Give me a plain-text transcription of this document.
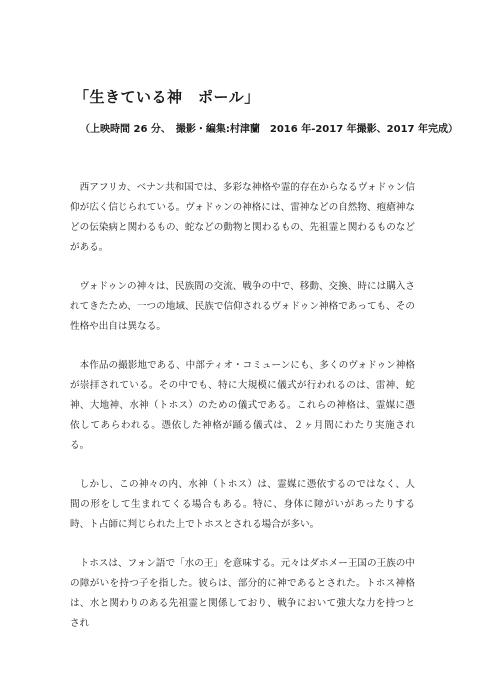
「生きている神　ポール」
（上映時間 26 分、　撮影・編集:村津蘭　2016 年-2017 年撮影、2017 年完成）

西アフリカ、ベナン共和国では、多彩な神格や霊的存在からなるヴォドゥン信仰が広く信じられている。ヴォドゥンの神格には、雷神などの自然物、疱瘡神などの伝染病と関わるもの、蛇などの動物と関わるもの、先祖霊と関わるものなどがある。

ヴォドゥンの神々は、民族間の交流、戦争の中で、移動、交換、時には購入されてきたため、一つの地域、民族で信仰されるヴォドゥン神格であっても、その性格や出自は異なる。

本作品の撮影地である、中部ティオ・コミューンにも、多くのヴォドゥン神格が崇拝されている。その中でも、特に大規模に儀式が行われるのは、雷神、蛇神、大地神、水神（トホス）のための儀式である。これらの神格は、霊媒に憑依してあらわれる。憑依した神格が踊る儀式は、２ヶ月間にわたり実施される。

しかし、この神々の内、水神（トホス）は、霊媒に憑依するのではなく、人間の形をして生まれてくる場合もある。特に、身体に障がいがあったりする時、ト占師に判じられた上でトホスとされる場合が多い。

トホスは、フォン語で「水の王」を意味する。元々はダホメー王国の王族の中の障がいを持つ子を指した。彼らは、部分的に神であるとされた。トホス神格は、水と関わりのある先祖霊と関係しており、戦争において強大な力を持つとされ
